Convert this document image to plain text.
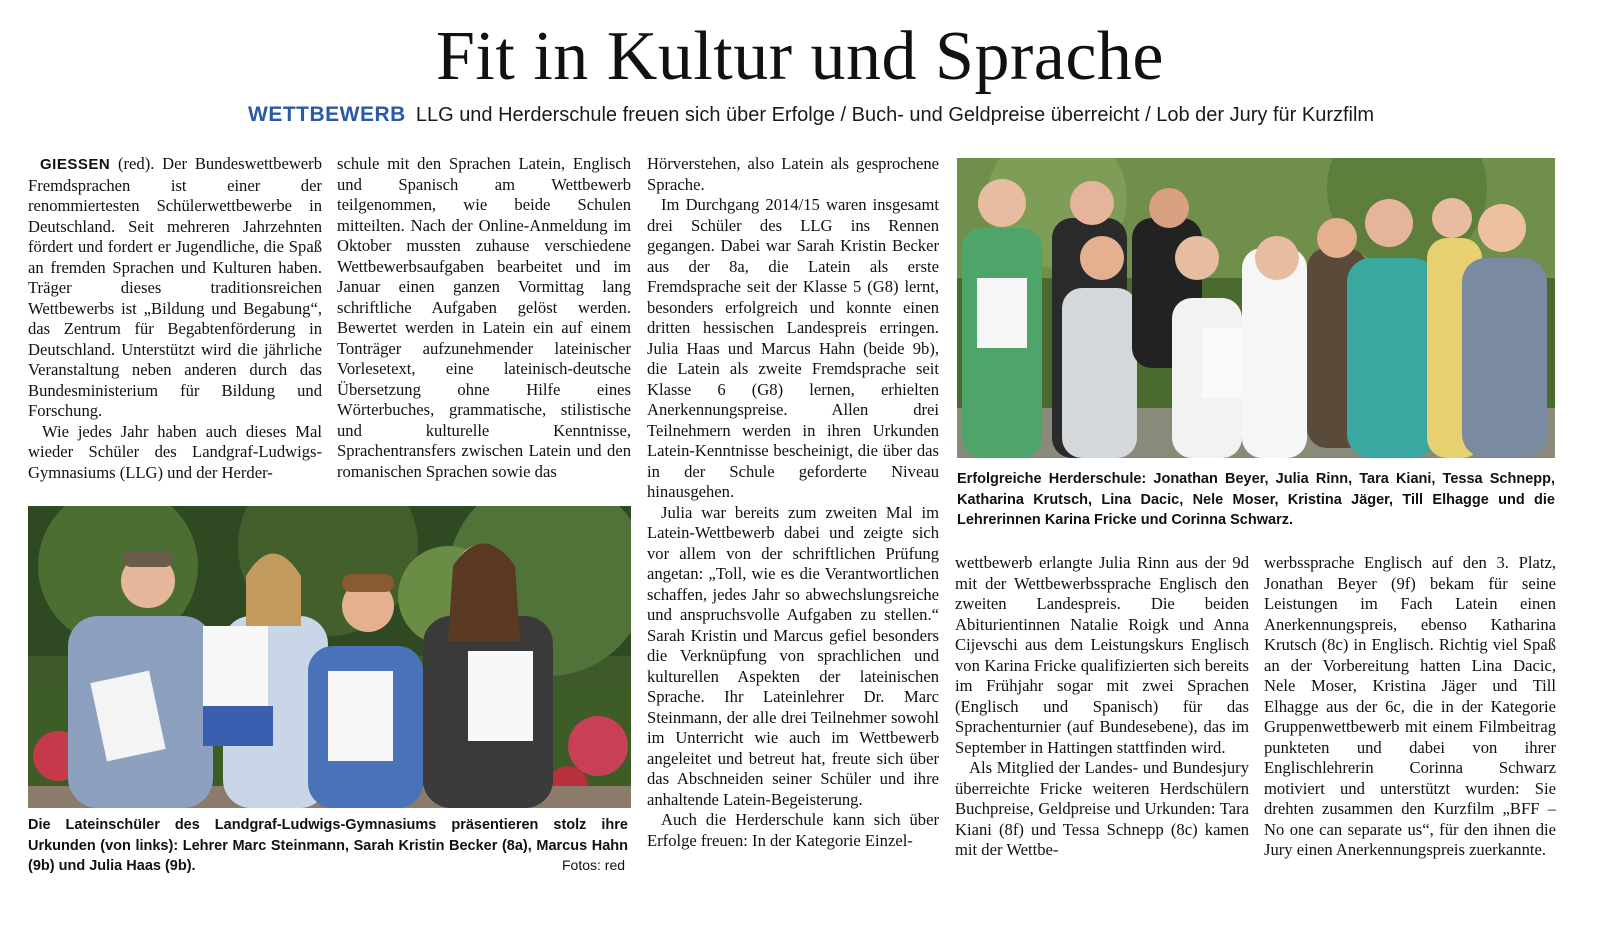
Fit in Kultur und Sprache
WETTBEWERB LLG und Herderschule freuen sich über Erfolge / Buch- und Geldpreise überreicht / Lob der Jury für Kurzfilm

GIESSEN (red). Der Bundeswettbewerb Fremdsprachen ist einer der renommiertesten Schülerwettbewerbe in Deutschland. Seit mehreren Jahrzehnten fördert und fordert er Jugendliche, die Spaß an fremden Sprachen und Kulturen haben. Träger dieses traditionsreichen Wettbewerbs ist „Bildung und Begabung“, das Zentrum für Begabtenförderung in Deutschland. Unterstützt wird die jährliche Veranstaltung neben anderen durch das Bundesministerium für Bildung und Forschung.

Wie jedes Jahr haben auch dieses Mal wieder Schüler des Landgraf-Ludwigs-Gymnasiums (LLG) und der Herder-

schule mit den Sprachen Latein, Englisch und Spanisch am Wettbewerb teilgenommen, wie beide Schulen mitteilten. Nach der Online-Anmeldung im Oktober mussten zuhause verschiedene Wettbewerbsaufgaben bearbeitet und im Januar einen ganzen Vormittag lang schriftliche Aufgaben gelöst werden. Bewertet werden in Latein ein auf einem Tonträger aufzunehmender lateinischer Vorlesetext, eine lateinisch-deutsche Übersetzung ohne Hilfe eines Wörterbuches, grammatische, stilistische und kulturelle Kenntnisse, Sprachentransfers zwischen Latein und den romanischen Sprachen sowie das

Hörverstehen, also Latein als gesprochene Sprache.

Im Durchgang 2014/15 waren insgesamt drei Schüler des LLG ins Rennen gegangen. Dabei war Sarah Kristin Becker aus der 8a, die Latein als erste Fremdsprache seit der Klasse 5 (G8) lernt, besonders erfolgreich und konnte einen dritten hessischen Landespreis erringen. Julia Haas und Marcus Hahn (beide 9b), die Latein als zweite Fremdsprache seit Klasse 6 (G8) lernen, erhielten Anerkennungspreise. Allen drei Teilnehmern werden in ihren Urkunden Latein-Kenntnisse bescheinigt, die über das in der Schule geforderte Niveau hinausgehen.

Julia war bereits zum zweiten Mal im Latein-Wettbewerb dabei und zeigte sich vor allem von der schriftlichen Prüfung angetan: „Toll, wie es die Verantwortlichen schaffen, jedes Jahr so abwechslungsreiche und anspruchsvolle Aufgaben zu stellen.“ Sarah Kristin und Marcus gefiel besonders die Verknüpfung von sprachlichen und kulturellen Aspekten der lateinischen Sprache. Ihr Lateinlehrer Dr. Marc Steinmann, der alle drei Teilnehmer sowohl im Unterricht wie auch im Wettbewerb angeleitet und betreut hat, freute sich über das Abschneiden seiner Schüler und ihre anhaltende Latein-Begeisterung.

Auch die Herderschule kann sich über Erfolge freuen: In der Kategorie Einzel-

wettbewerb erlangte Julia Rinn aus der 9d mit der Wettbewerbssprache Englisch den zweiten Landespreis. Die beiden Abiturientinnen Natalie Roigk und Anna Cijevschi aus dem Leistungskurs Englisch von Karina Fricke qualifizierten sich bereits im Frühjahr sogar mit zwei Sprachen (Englisch und Spanisch) für das Sprachenturnier (auf Bundesebene), das im September in Hattingen stattfinden wird.

Als Mitglied der Landes- und Bundesjury überreichte Fricke weiteren Herdschülern Buchpreise, Geldpreise und Urkunden: Tara Kiani (8f) und Tessa Schnepp (8c) kamen mit der Wettbe-

werbssprache Englisch auf den 3. Platz, Jonathan Beyer (9f) bekam für seine Leistungen im Fach Latein einen Anerkennungspreis, ebenso Katharina Krutsch (8c) in Englisch. Richtig viel Spaß an der Vorbereitung hatten Lina Dacic, Nele Moser, Kristina Jäger und Till Elhagge aus der 6c, die in der Kategorie Gruppenwettbewerb mit einem Filmbeitrag punkteten und dabei von ihrer Englischlehrerin Corinna Schwarz motiviert und unterstützt wurden: Sie drehten zusammen den Kurzfilm „BFF – No one can separate us“, für den ihnen die Jury einen Anerkennungspreis zuerkannte.

Die Lateinschüler des Landgraf-Ludwigs-Gymnasiums präsentieren stolz ihre Urkunden (von links): Lehrer Marc Steinmann, Sarah Kristin Becker (8a), Marcus Hahn (9b) und Julia Haas (9b).	Fotos: red
Erfolgreiche Herderschule: Jonathan Beyer, Julia Rinn, Tara Kiani, Tessa Schnepp, Katharina Krutsch, Lina Dacic, Nele Moser, Kristina Jäger, Till Elhagge und die Lehrerinnen Karina Fricke und Corinna Schwarz.
